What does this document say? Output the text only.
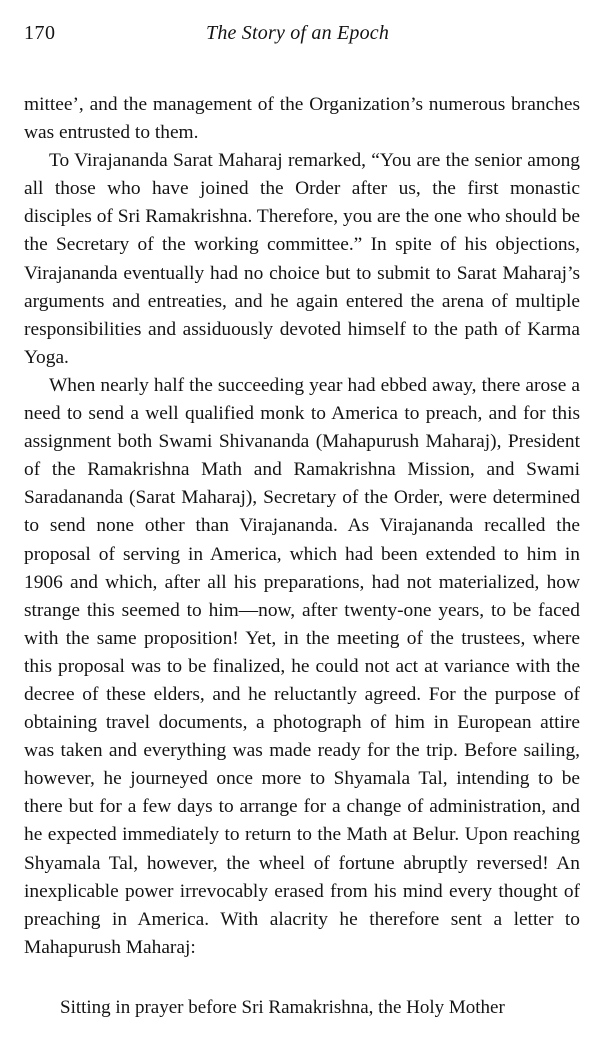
170	The Story of an Epoch

mittee’, and the management of the Organization’s numerous branches was entrusted to them.

To Virajananda Sarat Maharaj remarked, “You are the senior among all those who have joined the Order after us, the first monastic disciples of Sri Ramakrishna. Therefore, you are the one who should be the Secretary of the working committee.” In spite of his objections, Virajananda eventually had no choice but to submit to Sarat Maharaj’s arguments and entreaties, and he again entered the arena of multiple responsibilities and assiduously devoted himself to the path of Karma Yoga.

When nearly half the succeeding year had ebbed away, there arose a need to send a well qualified monk to America to preach, and for this assignment both Swami Shivananda (Mahapurush Maharaj), President of the Ramakrishna Math and Ramakrishna Mission, and Swami Saradananda (Sarat Maharaj), Secretary of the Order, were determined to send none other than Virajananda. As Virajananda recalled the proposal of serving in America, which had been extended to him in 1906 and which, after all his preparations, had not materialized, how strange this seemed to him—now, after twenty-one years, to be faced with the same proposition! Yet, in the meeting of the trustees, where this proposal was to be finalized, he could not act at variance with the decree of these elders, and he reluctantly agreed. For the purpose of obtaining travel documents, a photograph of him in European attire was taken and everything was made ready for the trip. Before sailing, however, he journeyed once more to Shyamala Tal, intending to be there but for a few days to arrange for a change of administration, and he expected immediately to return to the Math at Belur. Upon reaching Shyamala Tal, however, the wheel of fortune abruptly reversed! An inexplicable power irrevocably erased from his mind every thought of preaching in America. With alacrity he therefore sent a letter to Mahapurush Maharaj:

Sitting in prayer before Sri Ramakrishna, the Holy Mother
